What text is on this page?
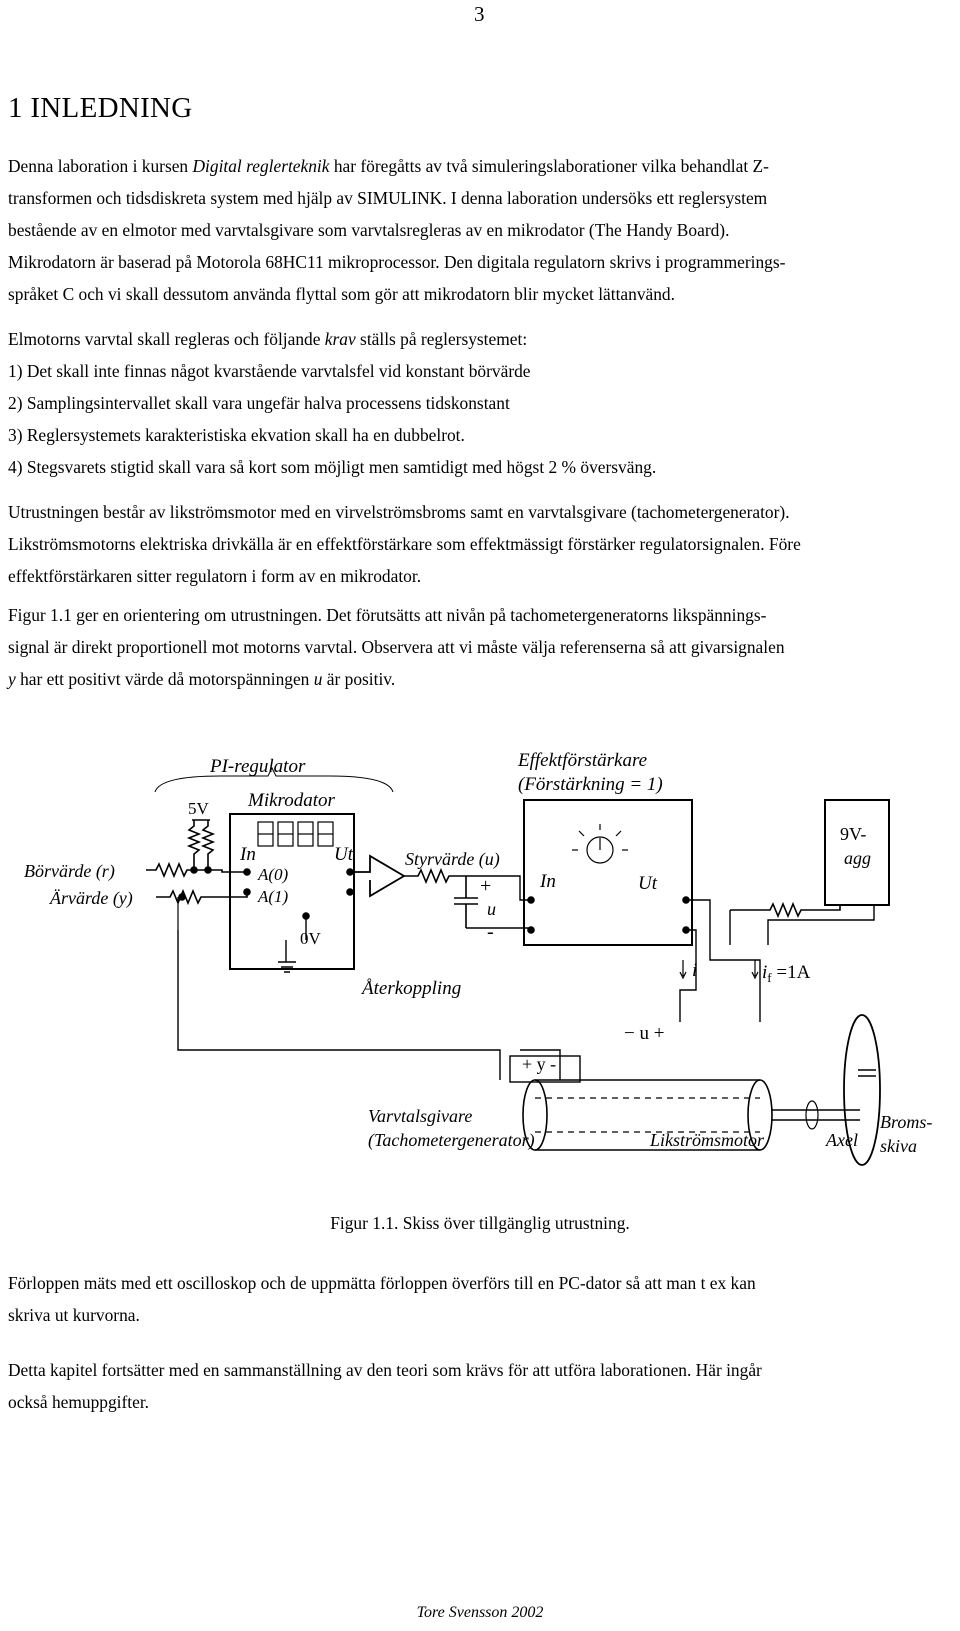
3
1 INLEDNING
Denna laboration i kursen Digital reglerteknik har föregåtts av två simuleringslaborationer vilka behandlat Z-
transformen och tidsdiskreta system med hjälp av SIMULINK. I denna laboration undersöks ett reglersystem
bestående av en elmotor med varvtalsgivare som varvtalsregleras av en mikrodator (The Handy Board).
Mikrodatorn är baserad på Motorola 68HC11 mikroprocessor. Den digitala regulatorn skrivs i programmerings-
språket C och vi skall dessutom använda flyttal som gör att mikrodatorn blir mycket lättanvänd.
Elmotorns varvtal skall regleras och följande krav ställs på reglersystemet:
1) Det skall inte finnas något kvarstående varvtalsfel vid konstant börvärde
2) Samplingsintervallet skall vara ungefär halva processens tidskonstant
3) Reglersystemets karakteristiska ekvation skall ha en dubbelrot.
4) Stegsvarets stigtid skall vara så kort som möjligt men samtidigt med högst 2 % översväng.
Utrustningen består av likströmsmotor med en virvelströmsbroms samt en varvtalsgivare (tachometergenerator).
Likströmsmotorns elektriska drivkälla är en effektförstärkare som effektmässigt förstärker regulatorsignalen. Före
effektförstärkaren sitter regulatorn i form av en mikrodator.
Figur 1.1 ger en orientering om utrustningen. Det förutsätts att nivån på tachometergeneratorns likspännings-
signal är direkt proportionell mot motorns varvtal. Observera att vi måste välja referenserna så att givarsignalen
y har ett positivt värde då motorspänningen u är positiv.
PI-regulator
Mikrodator
In	Ut
A(0)
A(1)
0V
5V
Börvärde (r)
Ärvärde (y)
Styrvärde (u)
+
u
-
Effektförstärkare
(Förstärkning = 1)
In	Ut
9V-
agg
i	$i_f =1A$
Återkoppling
− u +
+ y -
Varvtalsgivare
(Tachometergenerator)	Likströmsmotor	Axel
Broms-
skiva
Figur 1.1. Skiss över tillgänglig utrustning.
Förloppen mäts med ett oscilloskop och de uppmätta förloppen överförs till en PC-dator så att man t ex kan
skriva ut kurvorna.
Detta kapitel fortsätter med en sammanställning av den teori som krävs för att utföra laborationen. Här ingår
också hemuppgifter.
Tore Svensson 2002
